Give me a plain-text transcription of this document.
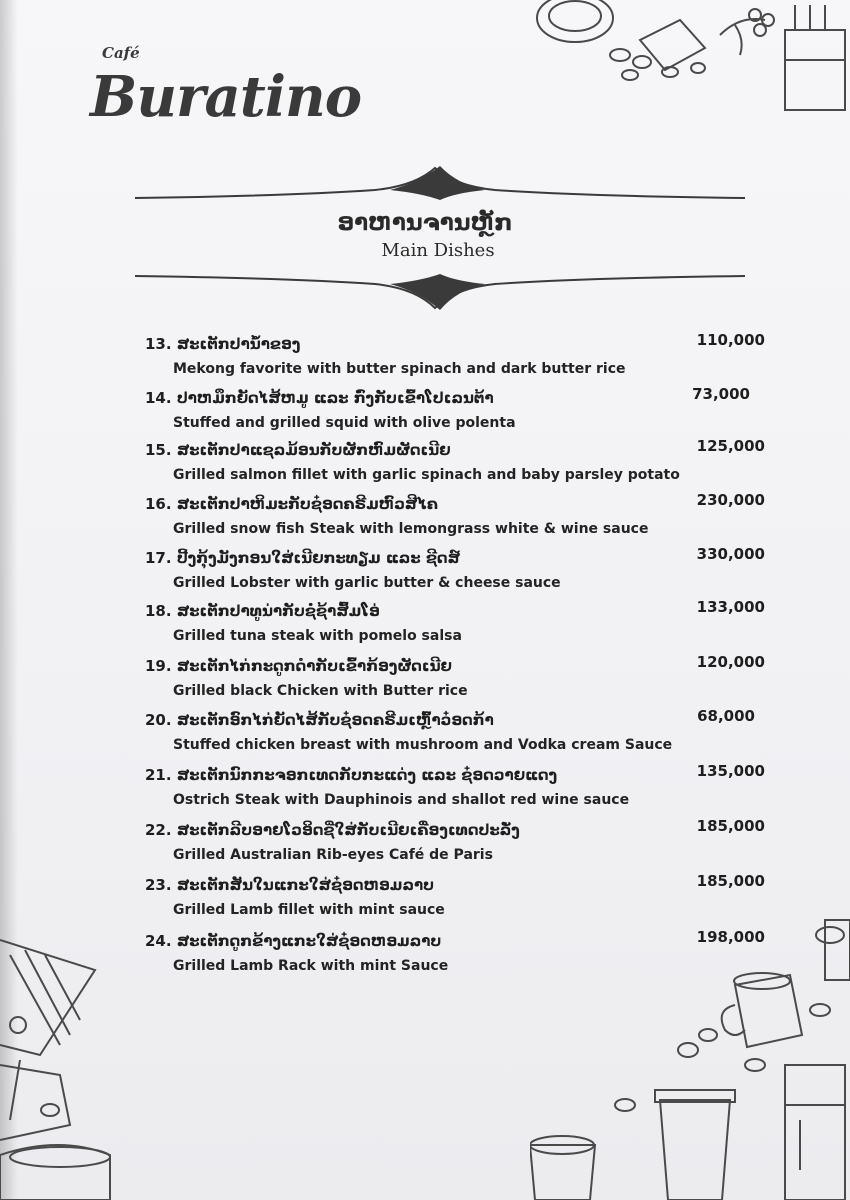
Café
Buratino
ອາຫານຈານຫຼັກ
Main Dishes
13. ສະເຕັກປານ້ຳຂອງ
Mekong favorite with butter spinach and dark butter rice
110,000
14. ປາຫມຶກຍັດໄສ້ຫມູ ແລະ ກົ່ງກັບເຂົ້າໂປເລນຕ້າ
Stuffed and grilled squid with olive polenta
73,000
15. ສະເຕັກປາແຊລມ້ອນກັບຜັກຫົມຜັດເນີຍ
Grilled salmon fillet with garlic spinach and baby parsley potato
125,000
16. ສະເຕັກປາຫິມະກັບຊ໋ອດຄຣີມຫົວສີໄຄ
Grilled snow fish Steak with lemongrass white & wine sauce
230,000
17. ປີ້ງກຸ້ງມັງກອນໃສ່ເນີຍກະທຽມ ແລະ ຊີດສ໌
Grilled Lobster with garlic butter & cheese sauce
330,000
18. ສະເຕັກປາທູນ່າກັບຊໍ່ຊ້າສົ້ມໂອ່
Grilled tuna steak with pomelo salsa
133,000
19. ສະເຕັກໄກ່ກະດູກດຳກັບເຂົ້າກ້ອງຜັດເນີຍ
Grilled black Chicken with Butter rice
120,000
20. ສະເຕັກອົກໄກ່ຍັດໄສ້ກັບຊ໋ອດຄຣີມເຫຼົ້າວ໋ອດກ້າ
Stuffed chicken breast with mushroom and Vodka cream Sauce
68,000
21. ສະເຕັກນົກກະຈອກເທດກັບກະແດ່ງ ແລະ ຊ໋ອດວາຍແດງ
Ostrich Steak with Dauphinois and shallot red wine sauce
135,000
22. ສະເຕັກລີບອາຍໂວອິດຊີ່ໃສ່ກັບເນີຍເຄື່ອງເທດປະລັ່ງ
Grilled Australian Rib-eyes Café de Paris
185,000
23. ສະເຕັກສັນໃນແກະໃສ່ຊ໋ອດຫອມລາບ
Grilled Lamb fillet with mint sauce
185,000
24. ສະເຕັກດູກຂ້າງແກະໃສ່ຊ໋ອດຫອມລາບ
Grilled Lamb Rack with mint Sauce
198,000
